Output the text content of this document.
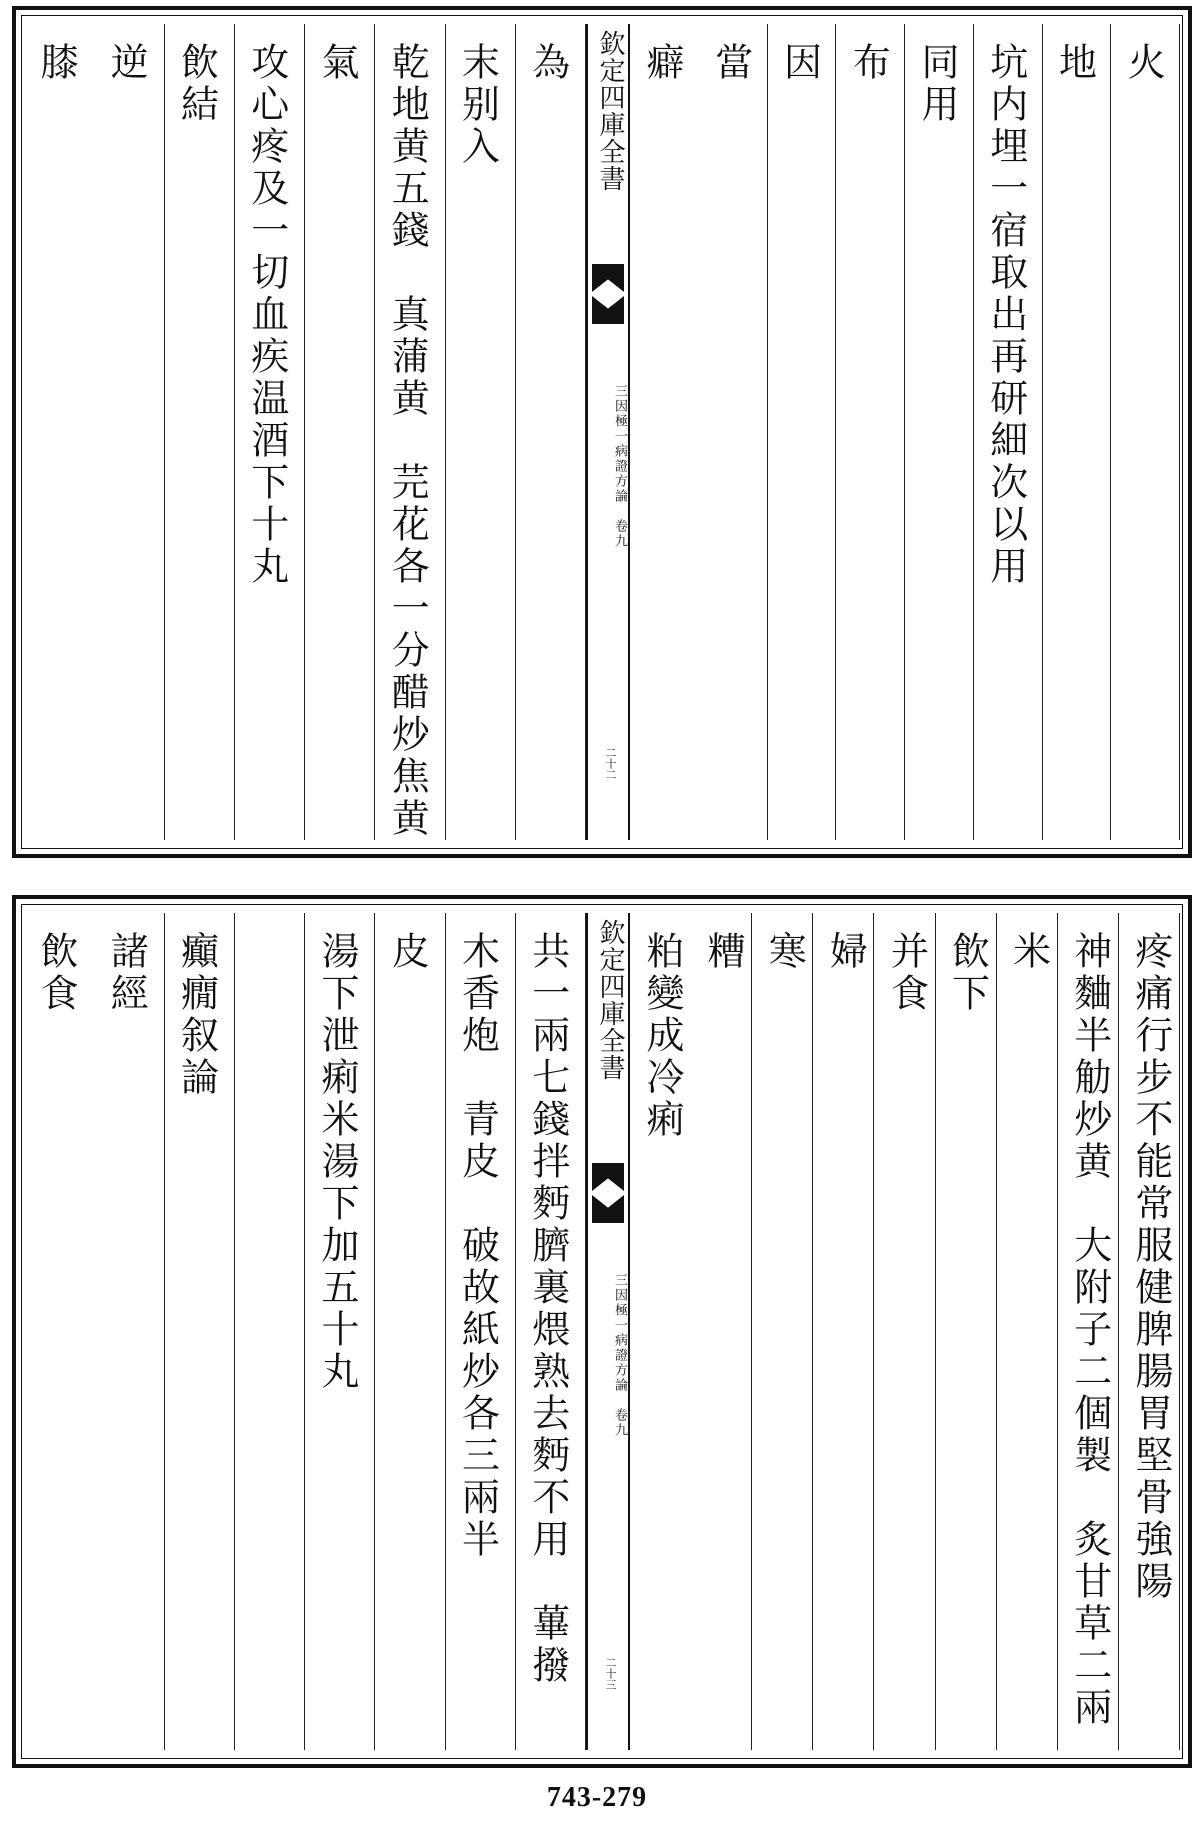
火
地
坑内埋一宿取出再研細次以用
　　　　同用
布
因
當
癖
為
末别入
乾地黄五錢　真蒲黄　芫花各一分醋炒焦黄
氣
攻心疼及一切血疾温酒下十丸
　飲結
逆
膝	欽定四庫全書
三因極一病證方論　卷九
二十二
疼痛行步不能常服健脾腸胃堅骨強陽
神麯半觔炒黄　大附子二個製　炙甘草二兩
米
飲下
　并食
婦
寒
糟
粕變成冷痢
共一兩七錢拌麪臍裏煨熟去麪不用　蓽撥
木香炮　青皮　破故紙炒各三兩半
皮
湯下泄痢米湯下加五十丸
癲癇叙論
諸經
飲食	欽定四庫全書
三因極一病證方論　卷九
二十三
743-279
